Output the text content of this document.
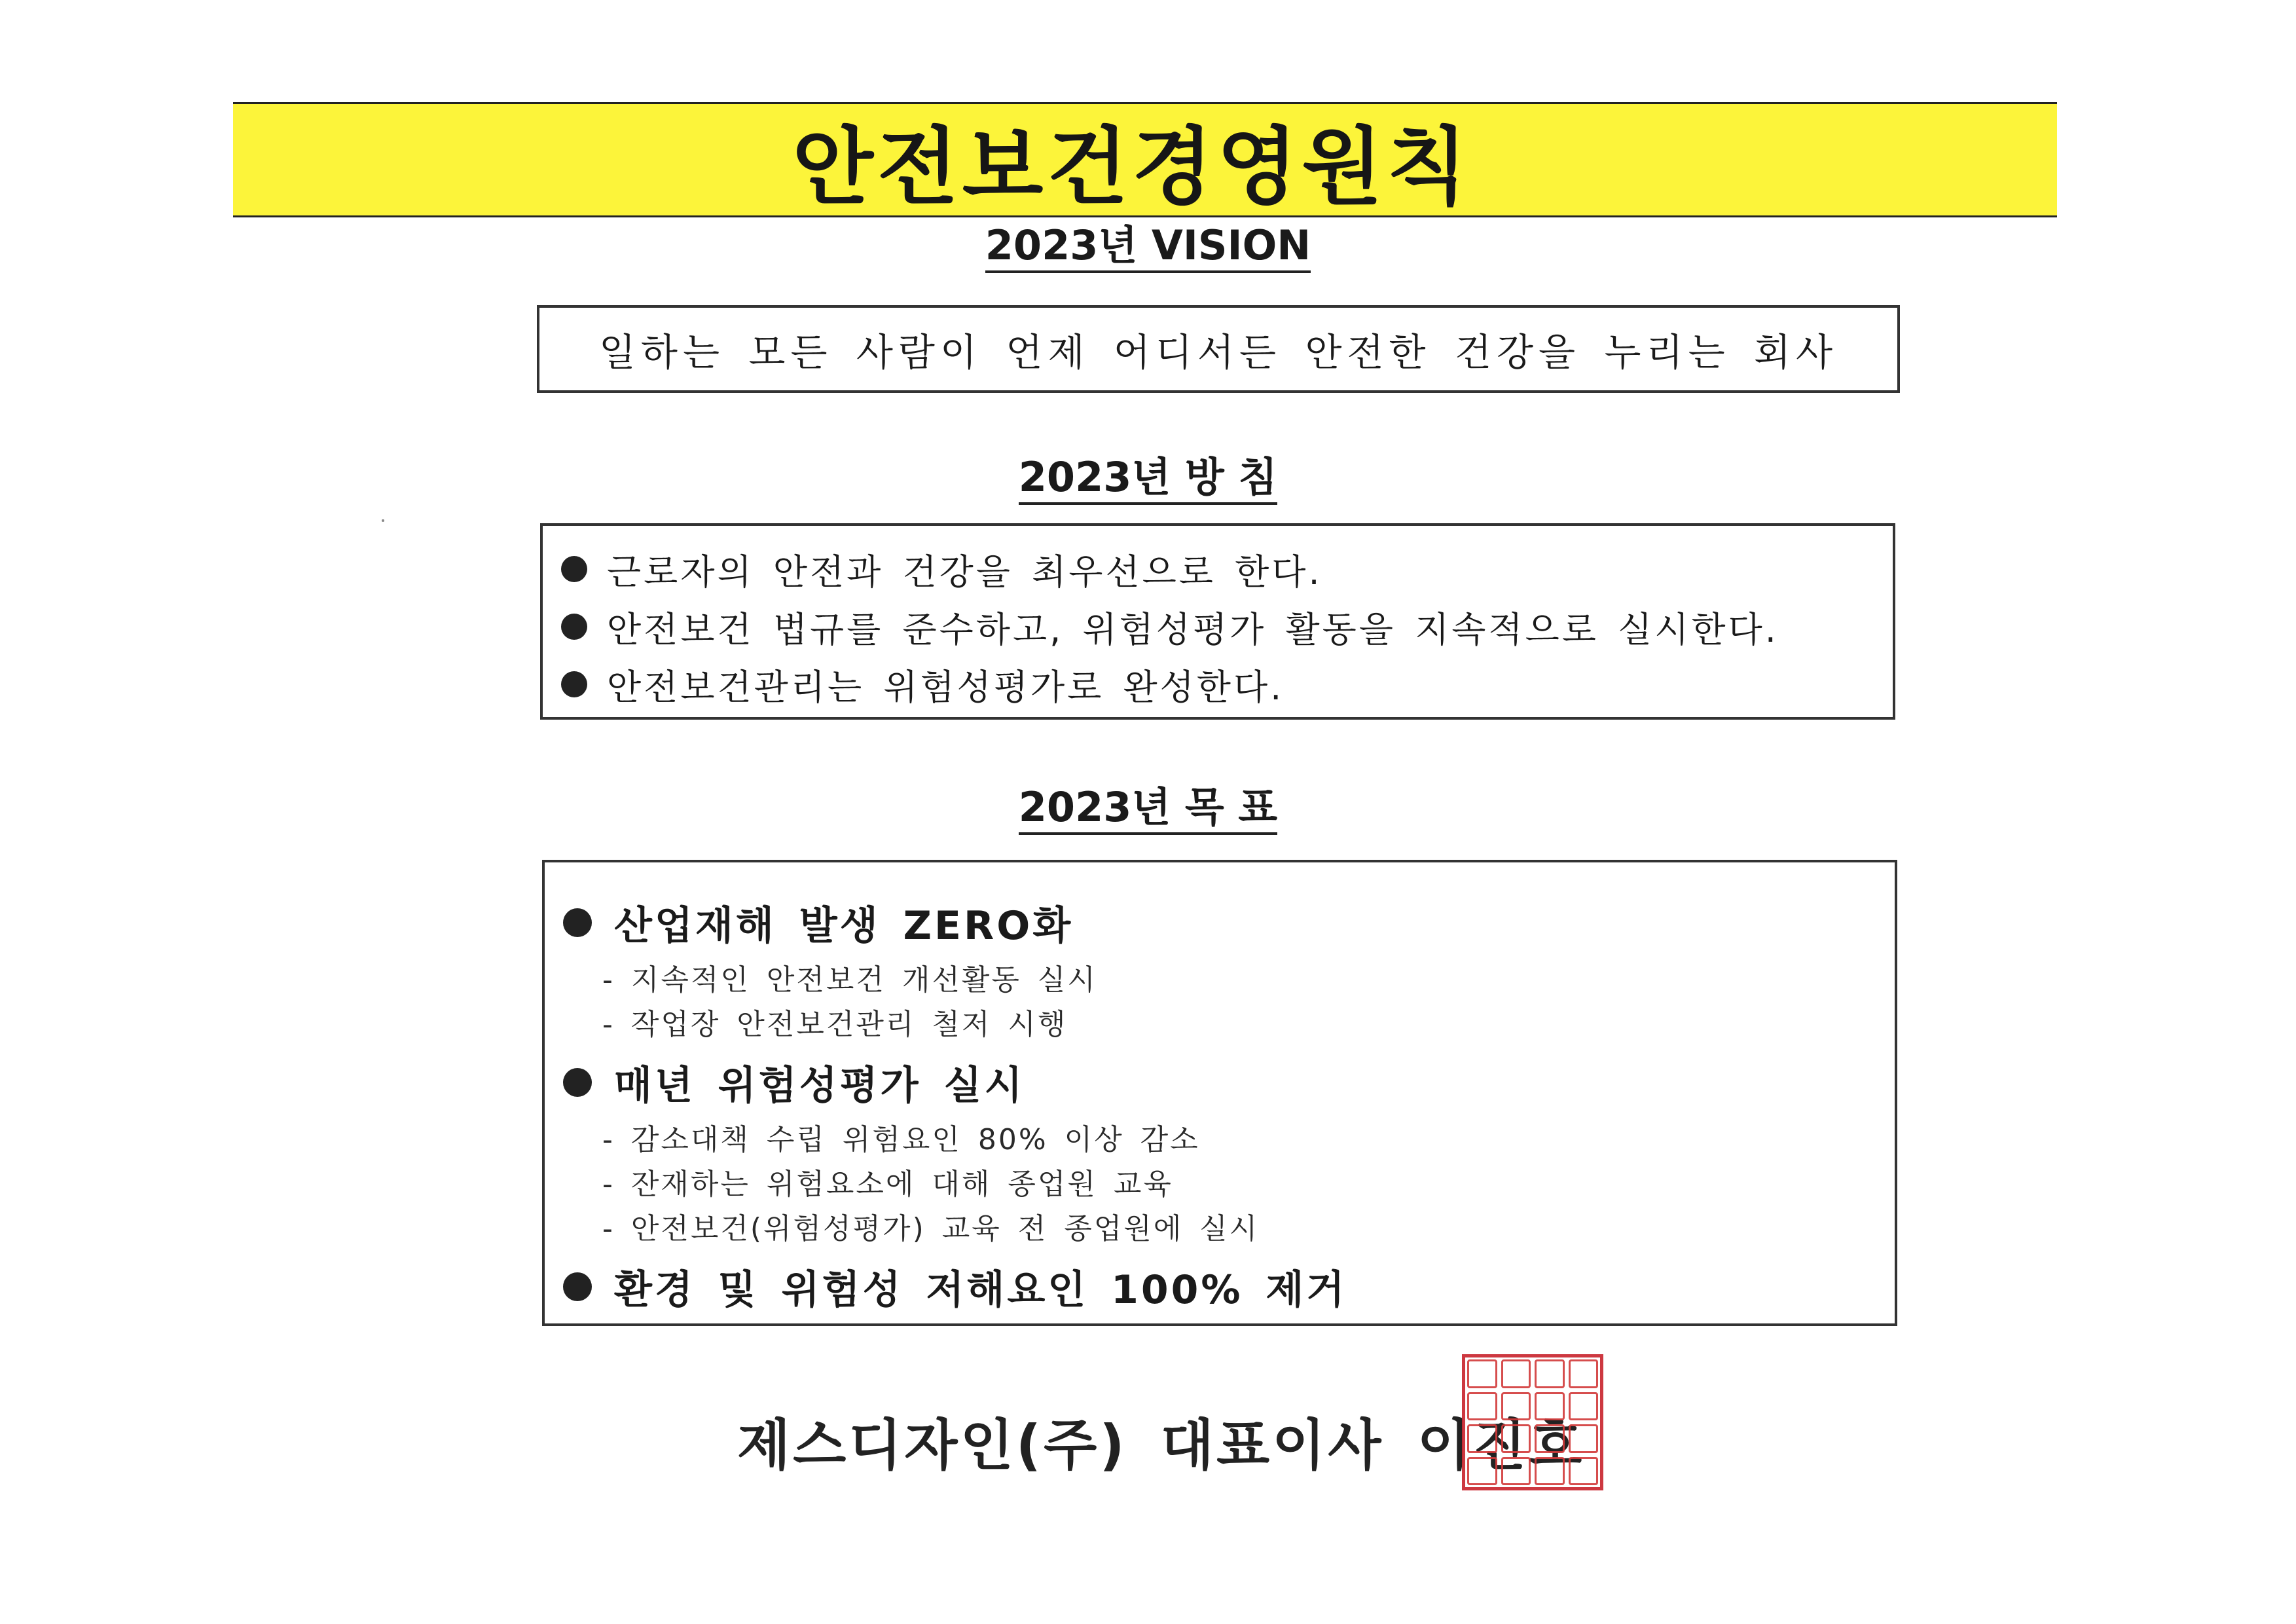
안전보건경영원칙
2023년 VISION
일하는 모든 사람이 언제 어디서든 안전한 건강을 누리는 회사
2023년 방 침
근로자의 안전과 건강을 최우선으로 한다.
안전보건 법규를 준수하고, 위험성평가 활동을 지속적으로 실시한다.
안전보건관리는 위험성평가로 완성한다.
2023년 목 표
산업재해 발생 ZERO화
- 지속적인 안전보건 개선활동 실시
- 작업장 안전보건관리 철저 시행
매년 위험성평가 실시
- 감소대책 수립 위험요인 80% 이상 감소
- 잔재하는 위험요소에 대해 종업원 교육
- 안전보건(위험성평가) 교육 전 종업원에 실시
환경 및 위험성 저해요인 100% 제거
제스디자인(주) 대표이사 이진호
